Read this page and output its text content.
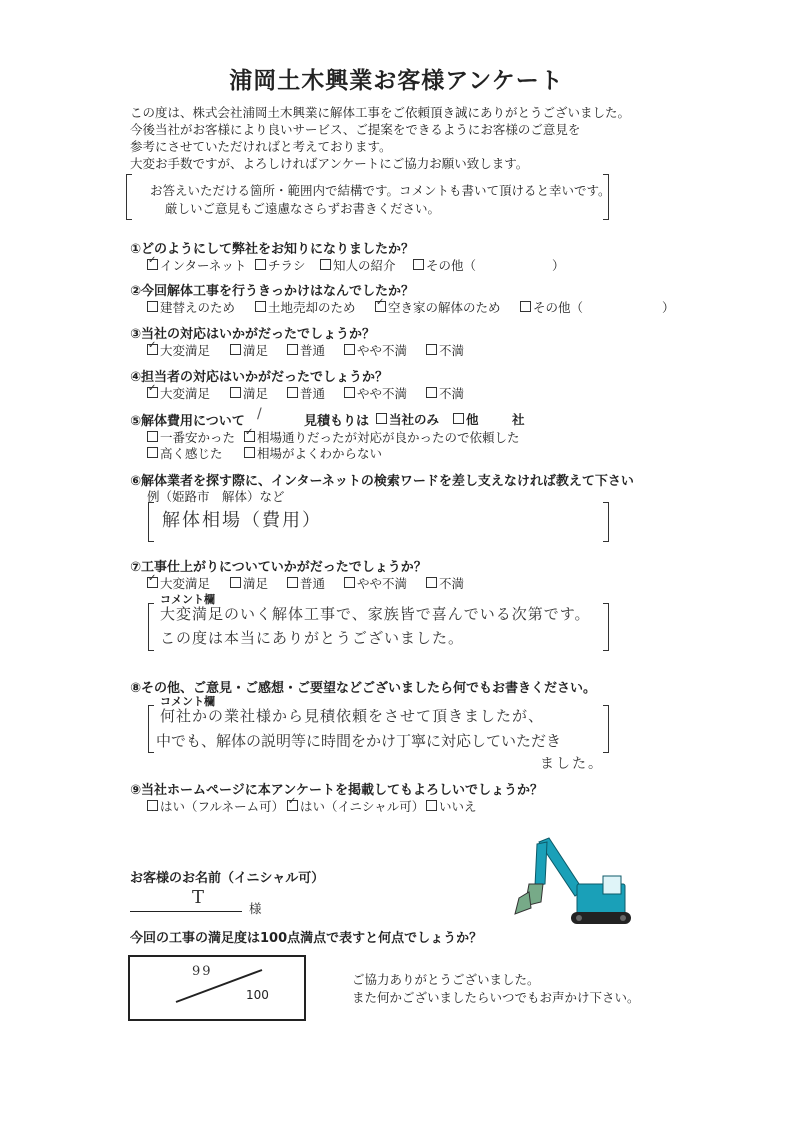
浦岡土木興業お客様アンケート
この度は、株式会社浦岡土木興業に解体工事をご依頼頂き誠にありがとうございました。
今後当社がお客様により良いサービス、ご提案をできるようにお客様のご意見を
参考にさせていただければと考えております。
大変お手数ですが、よろしければアンケートにご協力お願い致します。
お答えいただける箇所・範囲内で結構です。コメントも書いて頂けると幸いです。
厳しいご意見もご遠慮なさらずお書きください。
①どのようにして弊社をお知りになりましたか？
✓インターネット	チラシ	知人の紹介	その他（	）
②今回解体工事を行うきっかけはなんでしたか？
建替えのため	土地売却のため ✓	空き家の解体のため	その他（	）
③当社の対応はいかがだったでしょうか？
✓大変満足	満足	普通	やや不満	不満
④担当者の対応はいかがだったでしょうか？
✓大変満足	満足	普通	やや不満	不満
⑤解体費用について /	見積もりは	当社のみ	他	社
一番安かった ✓	相場通りだったが対応が良かったので依頼した
高く感じた	相場がよくわからない
⑥解体業者を探す際に、インターネットの検索ワードを差し支えなければ教えて下さい
例（姫路市　解体）など
解体相場（費用）
⑦工事仕上がりについていかがだったでしょうか？
✓大変満足	満足	普通	やや不満	不満
コメント欄
大変満足のいく解体工事で、家族皆で喜んでいる次第です。
この度は本当にありがとうございました。
⑧その他、ご意見・ご感想・ご要望などございましたら何でもお書きください。
コメント欄
何社かの業社様から見積依頼をさせて頂きましたが、
中でも、解体の説明等に時間をかけ丁寧に対応していただき
ました。
⑨当社ホームページに本アンケートを掲載してもよろしいでしょうか？
はい（フルネーム可） ✓	はい（イニシャル可）	いいえ
お客様のお名前（イニシャル可）
T
様
今回の工事の満足度は100点満点で表すと何点でしょうか？
99
100
ご協力ありがとうございました。
また何かございましたらいつでもお声かけ下さい。
